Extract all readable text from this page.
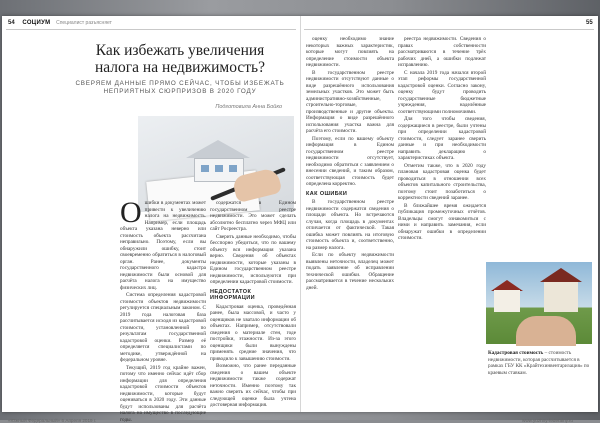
54 СОЦИУМ Специалист разъясняет	55
Как избежать увеличения налога на недвижимость?
СВЕРЯЕМ ДАННЫЕ ПРЯМО СЕЙЧАС, ЧТОБЫ ИЗБЕЖАТЬ НЕПРИЯТНЫХ СЮРПРИЗОВ В 2020 ГОДУ
Подготовила Анна Бойко

Ошибки в документах может привести к увеличению налога на недвижимость. Например, если площадь объекта указана неверно или стоимость объекта рассчитана неправильно. Поэтому, если вы обнаружили ошибку, стоит своевременно обратиться в налоговый орган. Ранее, документы государственного кадастра недвижимости были основой для расчёта налога на имущество физических лиц.

Система определения кадастровой стоимости объектов недвижимости регулируется специальным законом. С 2019 года налоговая база рассчитывается исходя из кадастровой стоимости, установленной по результатам государственной кадастровой оценки. Размер её определяется специалистами по методике, утверждённой на федеральном уровне.

Текущий, 2019 год крайне важен, потому что именно сейчас идёт сбор информации для определения кадастровой стоимости объектов недвижимости, которые будут оцениваться в 2020 году. Эти данные будут использованы для расчёта налога на имущество в последующие годы.

содержатся в Едином государственном реестре недвижимости. Это может сделать абсолютно бесплатно через МФЦ или сайт Росреестра.

Сверить данные необходимо, чтобы бесспорно убедиться, что по вашему объекту вся информация указана верно. Сведения об объектах недвижимости, которые указаны в Едином государственном реестре недвижимости, используются при определении кадастровой стоимости.

НЕДОСТАТОК ИНФОРМАЦИИ

Кадастровая оценка, проведённая ранее, была массовой, и часто у оценщиков не хватало информации об объектах. Например, отсутствовали сведения о материале стен, годе постройки, этажности. Из-за этого оценщики были вынуждены применять средние значения, что приводило к завышению стоимости.

Возможно, что ранее переданные сведения о вашем объекте недвижимости также содержат неточности. Именно поэтому так важно сверить их сейчас, чтобы при следующей оценке была учтена достоверная информация.

оценку необходимо знание некоторых важных характеристик, которые могут повлиять на определение стоимости объекта недвижимости.

В государственном реестре недвижимости отсутствуют данные о виде разрешённого использования земельных участков. Это может быть административно-хозяйственные, строительно-торговые, производственные и другие объекты. Информация о виде разрешённого использования участка важна для расчёта его стоимости.

Поэтому, если по вашему объекту информация в Едином государственном реестре недвижимости отсутствует, необходимо обратиться с заявлением о внесении сведений, и таким образом, соответствующая стоимость будет определена корректно.

КАК ОШИБКИ

В государственном реестре недвижимости содержатся сведения о площади объекта. Но встречаются случаи, когда площадь в документах отличается от фактической. Такая ошибка может повлиять на итоговую стоимость объекта и, соответственно, на размер налога.

Если по объекту недвижимости выявлены неточности, владелец может подать заявление об исправлении технической ошибки. Обращение рассматривается в течение нескольких дней.

реестра недвижимости. Сведения о правах собственности рассматриваются в течение трёх рабочих дней, а ошибки подлежат исправлению.

С начала 2019 года начался второй этап реформы государственной кадастровой оценки. Согласно закону, оценку будут проводить государственные бюджетные учреждения, наделённые соответствующими полномочиями.

Для того чтобы сведения, содержащиеся в реестре, были учтены при определении кадастровой стоимости, следует заранее сверить данные и при необходимости направить декларацию о характеристиках объекта.

Отметим также, что в 2020 году плановая кадастровая оценка будет проводиться в отношении всех объектов капитального строительства, поэтому стоит позаботиться о корректности сведений заранее.

В ближайшее время ожидается публикация промежуточных отчётов. Владельцы смогут ознакомиться с ними и направить замечания, если обнаружат ошибки в определении стоимости.

Кадастровая стоимость – стоимость недвижимости, которая рассчитывается в рамках ГБУ КК «Крайтехинвентаризация» по краевым ставкам.
«Южный Федеральный» 6 Апреля 2019 г.	www.yuzhny-federalny.ru
